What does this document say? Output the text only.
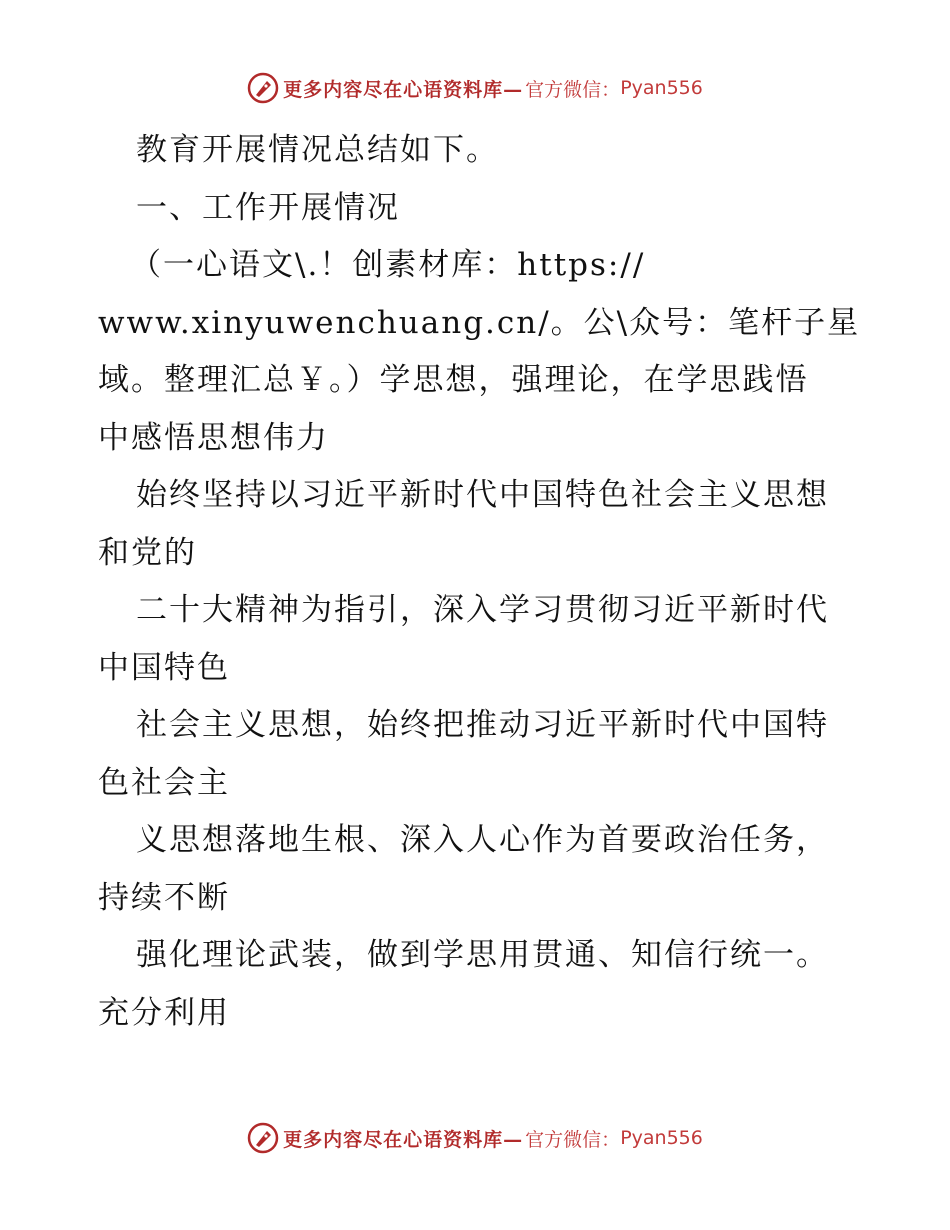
更多内容尽在心语资料库— 官方微信： Pyan556
教育开展情况总结如下。
一、工作开展情况
（一心语文\.！创素材库：https://
www.xinyuwenchuang.cn/。公\众号：笔杆子星
域。整理汇总￥。）学思想，强理论，在学思践悟
中感悟思想伟力
始终坚持以习近平新时代中国特色社会主义思想
和党的
二十大精神为指引，深入学习贯彻习近平新时代
中国特色
社会主义思想，始终把推动习近平新时代中国特
色社会主
义思想落地生根、深入人心作为首要政治任务，
持续不断
强化理论武装，做到学思用贯通、知信行统一。
充分利用
更多内容尽在心语资料库— 官方微信： Pyan556
